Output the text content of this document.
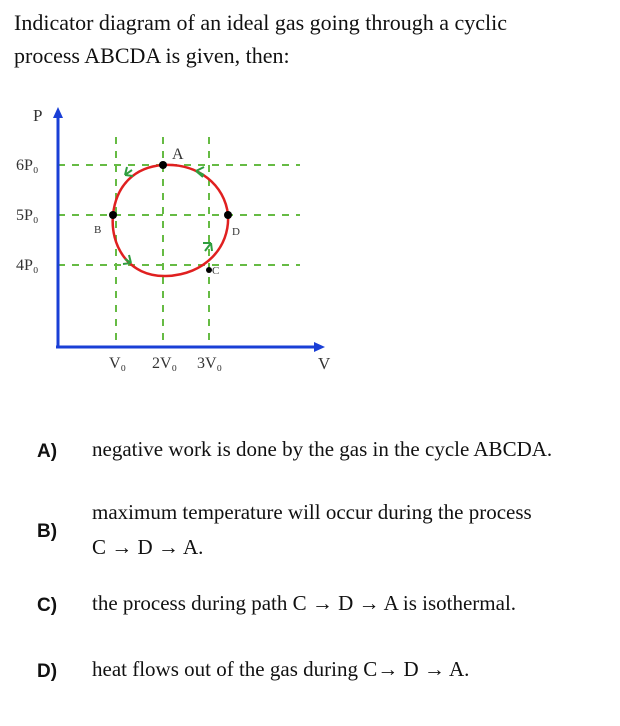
Indicator diagram of an ideal gas going through a cyclic
process ABCDA is given, then:
P
V
6P₀
5P₀
4P₀
V₀ 2V₀ 3V₀
A
B	D
C
A) negative work is done by the gas in the cycle ABCDA.
B)
maximum temperature will occur during the process
C → D → A.
C) the process during path C → D → A is isothermal.
D) heat flows out of the gas during C→ D → A.
